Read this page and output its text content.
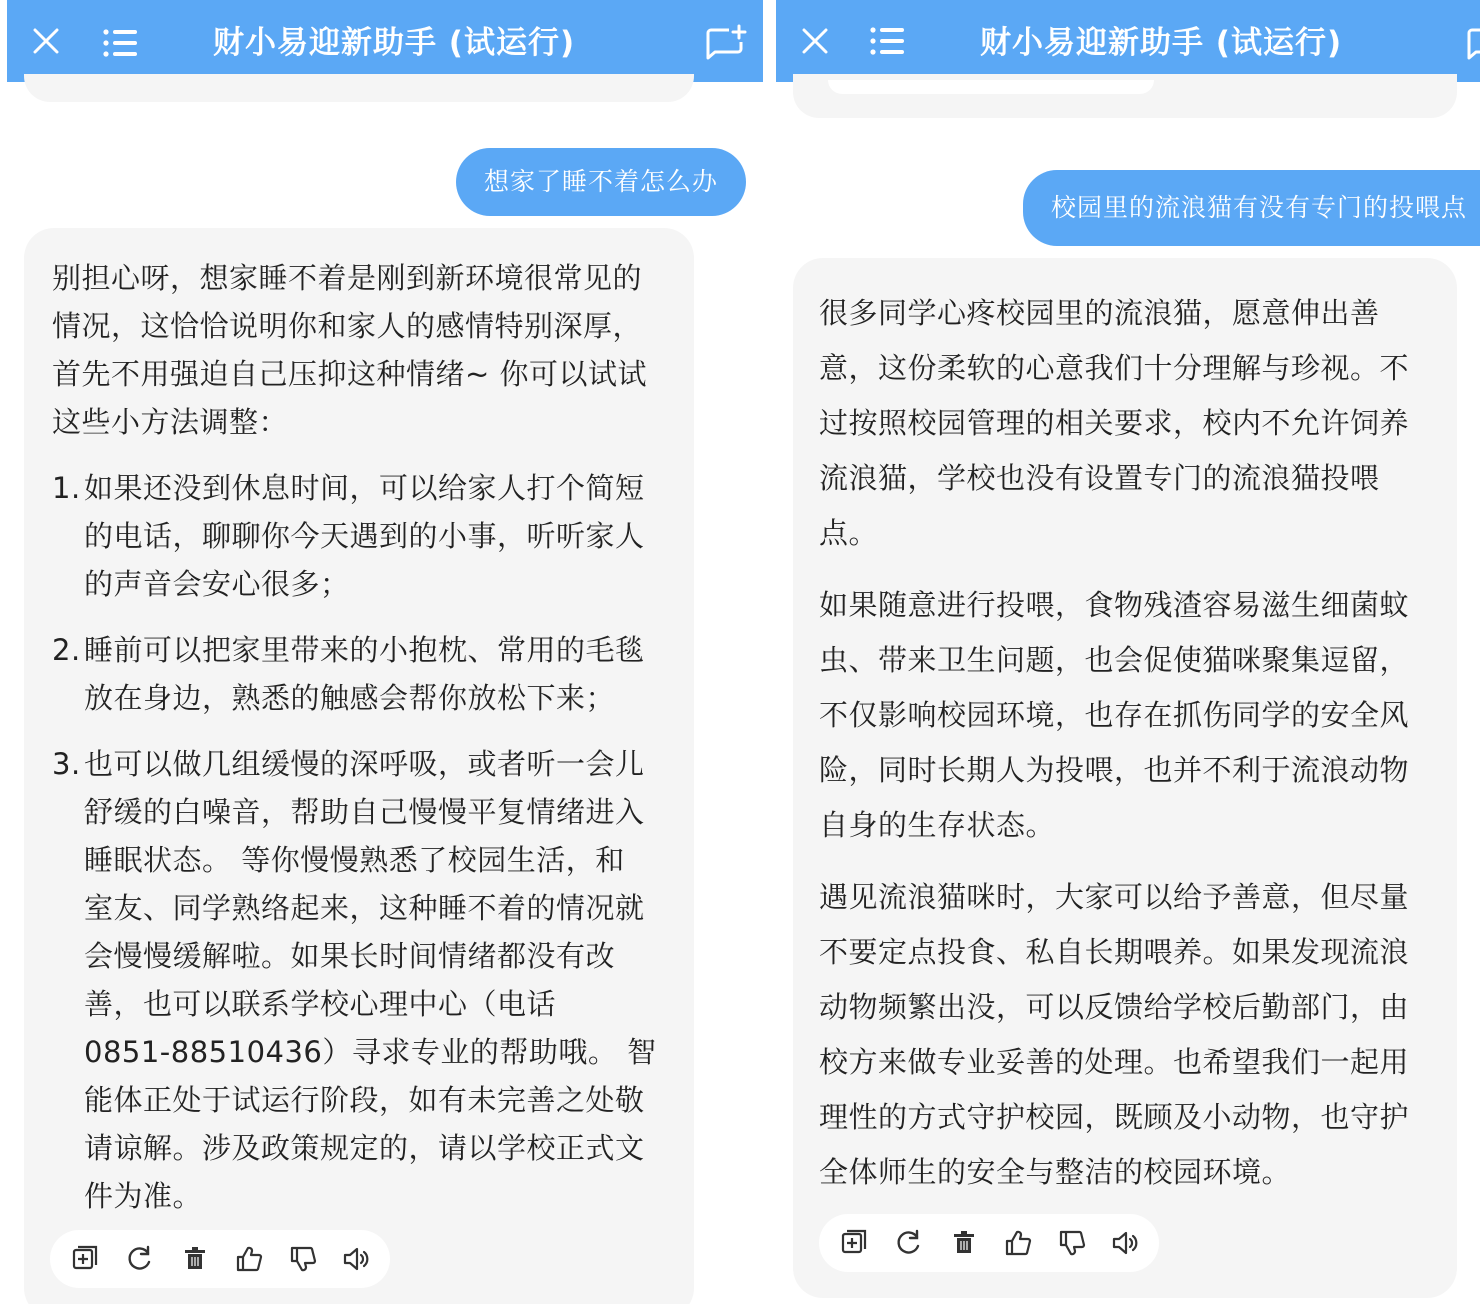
财小易迎新助手 (试运行)
想家了睡不着怎么办
别担心呀，想家睡不着是刚到新环境很常见的
情况，这恰恰说明你和家人的感情特别深厚，
首先不用强迫自己压抑这种情绪~ 你可以试试
这些小方法调整：
1. 如果还没到休息时间，可以给家人打个简短
的电话，聊聊你今天遇到的小事，听听家人
的声音会安心很多；
2. 睡前可以把家里带来的小抱枕、常用的毛毯
放在身边，熟悉的触感会帮你放松下来；
3. 也可以做几组缓慢的深呼吸，或者听一会儿
舒缓的白噪音，帮助自己慢慢平复情绪进入
睡眠状态。 等你慢慢熟悉了校园生活，和
室友、同学熟络起来，这种睡不着的情况就
会慢慢缓解啦。如果长时间情绪都没有改
善，也可以联系学校心理中心（电话
0851-88510436）寻求专业的帮助哦。 智
能体正处于试运行阶段，如有未完善之处敬
请谅解。涉及政策规定的，请以学校正式文
件为准。
财小易迎新助手 (试运行)
校园里的流浪猫有没有专门的投喂点
很多同学心疼校园里的流浪猫，愿意伸出善
意，这份柔软的心意我们十分理解与珍视。不
过按照校园管理的相关要求，校内不允许饲养
流浪猫，学校也没有设置专门的流浪猫投喂
点。
如果随意进行投喂，食物残渣容易滋生细菌蚊
虫、带来卫生问题，也会促使猫咪聚集逗留，
不仅影响校园环境，也存在抓伤同学的安全风
险，同时长期人为投喂，也并不利于流浪动物
自身的生存状态。
遇见流浪猫咪时，大家可以给予善意，但尽量
不要定点投食、私自长期喂养。如果发现流浪
动物频繁出没，可以反馈给学校后勤部门，由
校方来做专业妥善的处理。也希望我们一起用
理性的方式守护校园，既顾及小动物，也守护
全体师生的安全与整洁的校园环境。
